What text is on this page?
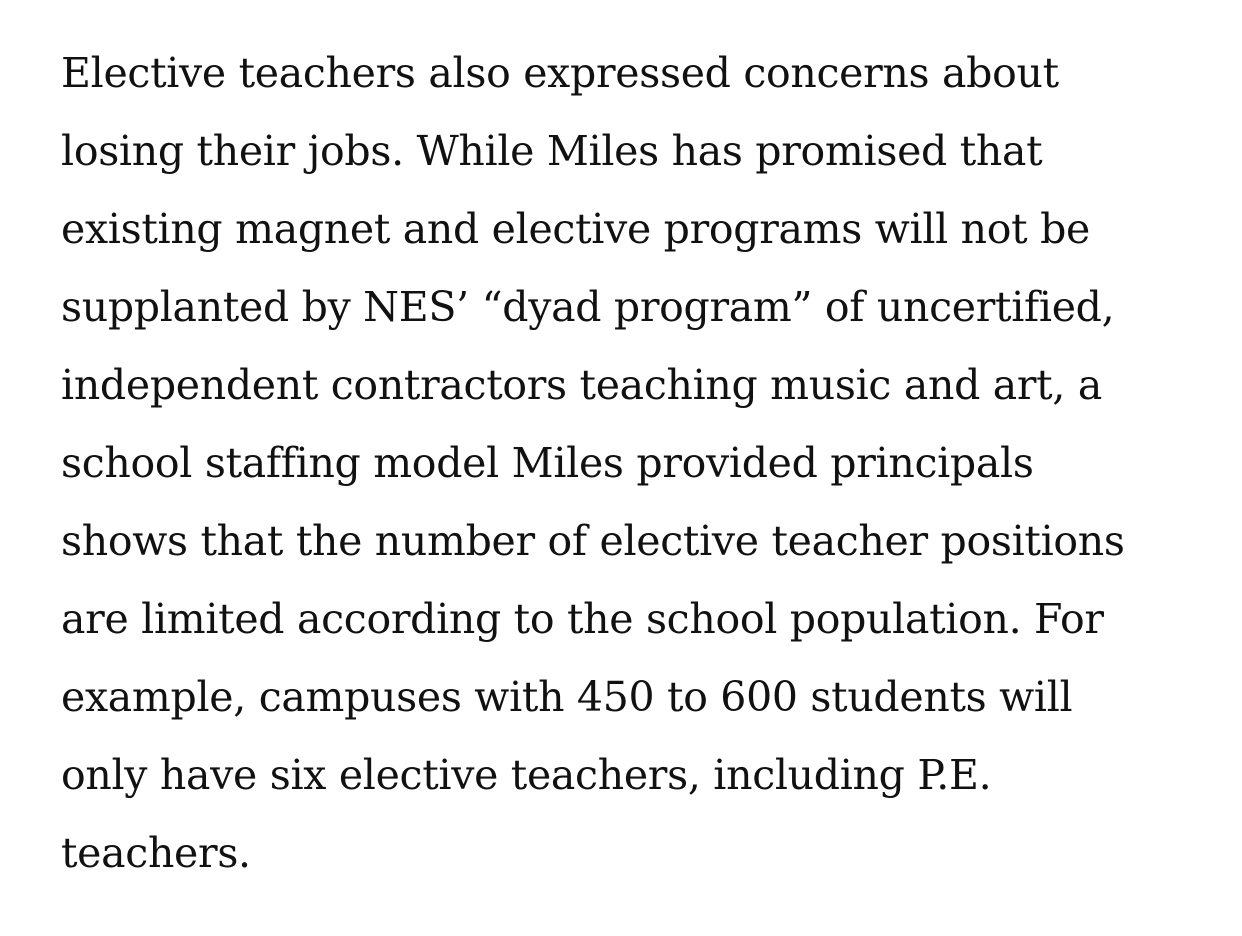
Elective teachers also expressed concerns about
losing their jobs. While Miles has promised that
existing magnet and elective programs will not be
supplanted by NES’ “dyad program” of uncertified,
independent contractors teaching music and art, a
school staffing model Miles provided principals
shows that the number of elective teacher positions
are limited according to the school population. For
example, campuses with 450 to 600 students will
only have six elective teachers, including P.E.
teachers.
